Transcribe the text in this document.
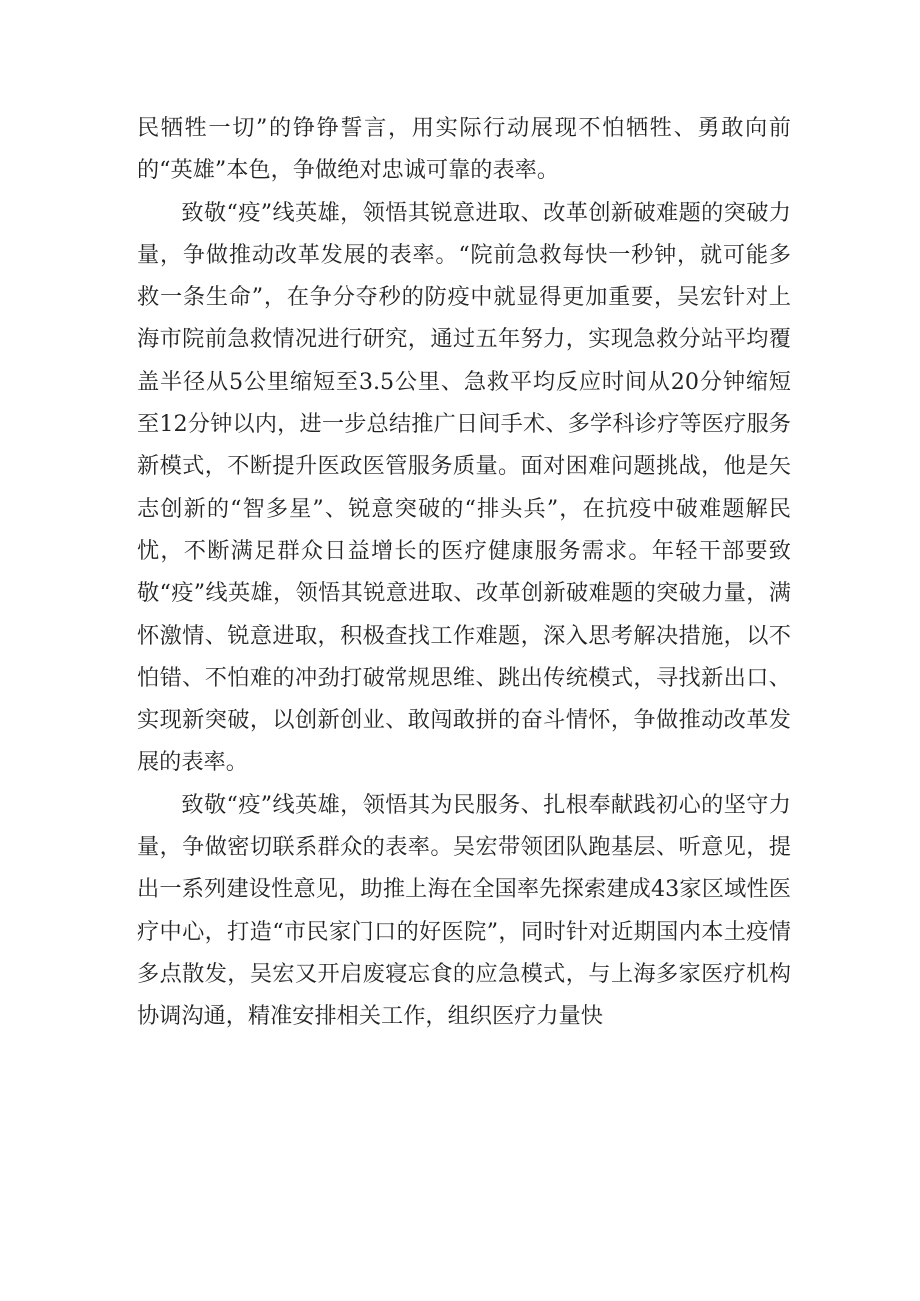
民牺牲一切”的铮铮誓言，用实际行动展现不怕牺牲、勇敢向前的“英雄”本色，争做绝对忠诚可靠的表率。

致敬“疫”线英雄，领悟其锐意进取、改革创新破难题的突破力量，争做推动改革发展的表率。“院前急救每快一秒钟，就可能多救一条生命”，在争分夺秒的防疫中就显得更加重要，吴宏针对上海市院前急救情况进行研究，通过五年努力，实现急救分站平均覆盖半径从5公里缩短至3.5公里、急救平均反应时间从20分钟缩短至12分钟以内，进一步总结推广日间手术、多学科诊疗等医疗服务新模式，不断提升医政医管服务质量。面对困难问题挑战，他是矢志创新的“智多星”、锐意突破的“排头兵”，在抗疫中破难题解民忧，不断满足群众日益增长的医疗健康服务需求。年轻干部要致敬“疫”线英雄，领悟其锐意进取、改革创新破难题的突破力量，满怀激情、锐意进取，积极查找工作难题，深入思考解决措施，以不怕错、不怕难的冲劲打破常规思维、跳出传统模式，寻找新出口、实现新突破，以创新创业、敢闯敢拼的奋斗情怀，争做推动改革发展的表率。

致敬“疫”线英雄，领悟其为民服务、扎根奉献践初心的坚守力量，争做密切联系群众的表率。吴宏带领团队跑基层、听意见，提出一系列建设性意见，助推上海在全国率先探索建成43家区域性医疗中心，打造“市民家门口的好医院”，同时针对近期国内本土疫情多点散发，吴宏又开启废寝忘食的应急模式，与上海多家医疗机构协调沟通，精准安排相关工作，组织医疗力量快
